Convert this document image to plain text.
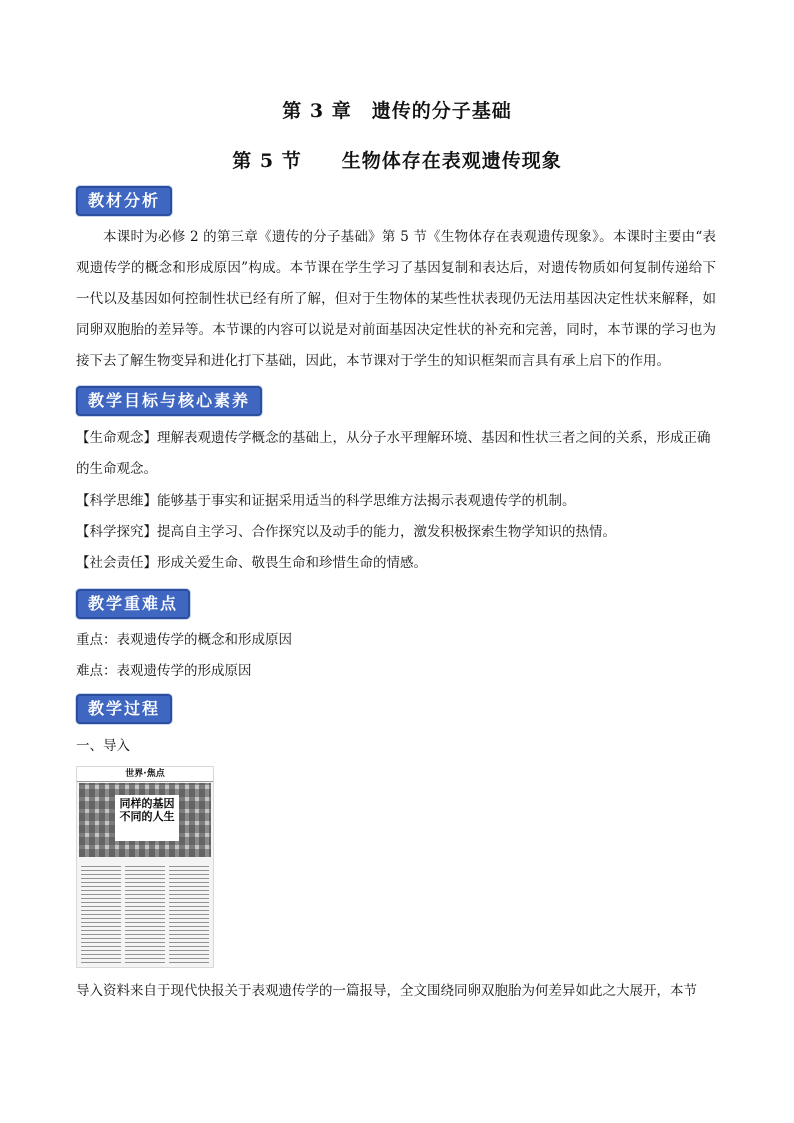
第 3 章　遗传的分子基础
第 5 节　　生物体存在表观遗传现象
教材分析
本课时为必修 2 的第三章《遗传的分子基础》第 5 节《生物体存在表观遗传现象》。本课时主要由“表观遗传学的概念和形成原因”构成。本节课在学生学习了基因复制和表达后，对遗传物质如何复制传递给下一代以及基因如何控制性状已经有所了解，但对于生物体的某些性状表现仍无法用基因决定性状来解释，如同卵双胞胎的差异等。本节课的内容可以说是对前面基因决定性状的补充和完善，同时，本节课的学习也为接下去了解生物变异和进化打下基础，因此，本节课对于学生的知识框架而言具有承上启下的作用。
教学目标与核心素养
【生命观念】理解表观遗传学概念的基础上，从分子水平理解环境、基因和性状三者之间的关系，形成正确的生命观念。
【科学思维】能够基于事实和证据采用适当的科学思维方法揭示表观遗传学的机制。
【科学探究】提高自主学习、合作探究以及动手的能力，激发积极探索生物学知识的热情。
【社会责任】形成关爱生命、敬畏生命和珍惜生命的情感。
教学重难点
重点：表观遗传学的概念和形成原因
难点：表观遗传学的形成原因
教学过程
一、导入
世界·焦点
同样的基因
不同的人生
导入资料来自于现代快报关于表观遗传学的一篇报导，全文围绕同卵双胞胎为何差异如此之大展开，本节
